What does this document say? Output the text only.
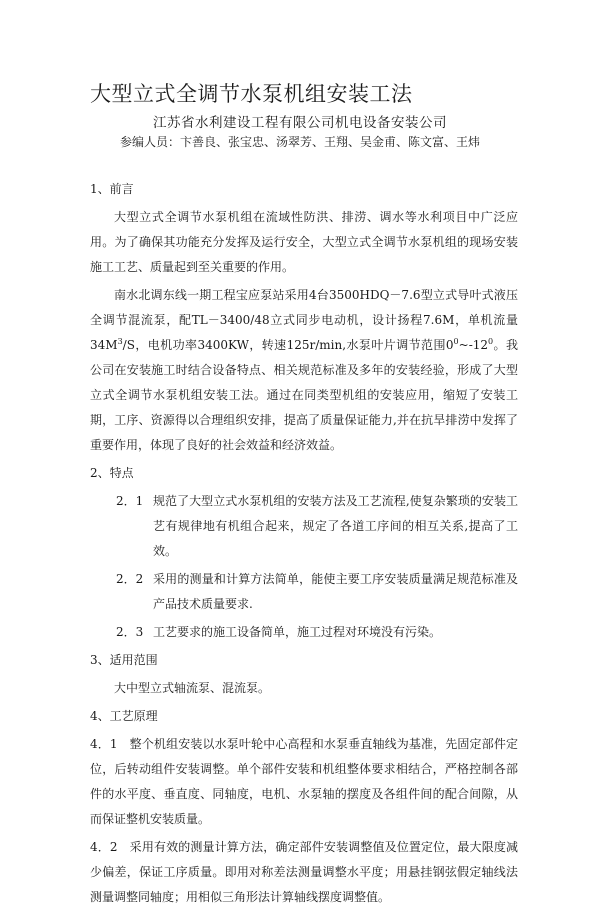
大型立式全调节水泵机组安装工法
江苏省水利建设工程有限公司机电设备安装公司
参编人员：卞善良、张宝忠、汤翠芳、王翔、吴金甫、陈文富、王炜
1、前言
大型立式全调节水泵机组在流域性防洪、排涝、调水等水利项目中广泛应用。为了确保其功能充分发挥及运行安全，大型立式全调节水泵机组的现场安装施工工艺、质量起到至关重要的作用。
南水北调东线一期工程宝应泵站采用4台3500HDQ－7.6型立式导叶式液压全调节混流泵，配TL－3400/48立式同步电动机，设计扬程7.6M，单机流量$34M^3/S$，电机功率3400KW，转速125r/min,水泵叶片调节范围$0^0\sim-12^0$。我公司在安装施工时结合设备特点、相关规范标准及多年的安装经验，形成了大型立式全调节水泵机组安装工法。通过在同类型机组的安装应用，缩短了安装工期，工序、资源得以合理组织安排，提高了质量保证能力,并在抗旱排涝中发挥了重要作用，体现了良好的社会效益和经济效益。
2、特点
2．1 规范了大型立式水泵机组的安装方法及工艺流程,使复杂繁琐的安装工艺有规律地有机组合起来，规定了各道工序间的相互关系,提高了工效。
2．2 采用的测量和计算方法简单，能使主要工序安装质量满足规范标准及产品技术质量要求.
2．3 工艺要求的施工设备简单，施工过程对环境没有污染。
3、适用范围
大中型立式轴流泵、混流泵。
4、工艺原理
4．1 整个机组安装以水泵叶轮中心高程和水泵垂直轴线为基准，先固定部件定位，后转动组件安装调整。单个部件安装和机组整体要求相结合，严格控制各部件的水平度、垂直度、同轴度，电机、水泵轴的摆度及各组件间的配合间隙，从而保证整机安装质量。
4．2 采用有效的测量计算方法，确定部件安装调整值及位置定位，最大限度减少偏差，保证工序质量。即用对称差法测量调整水平度；用悬挂钢弦假定轴线法测量调整同轴度；用相似三角形法计算轴线摆度调整值。
